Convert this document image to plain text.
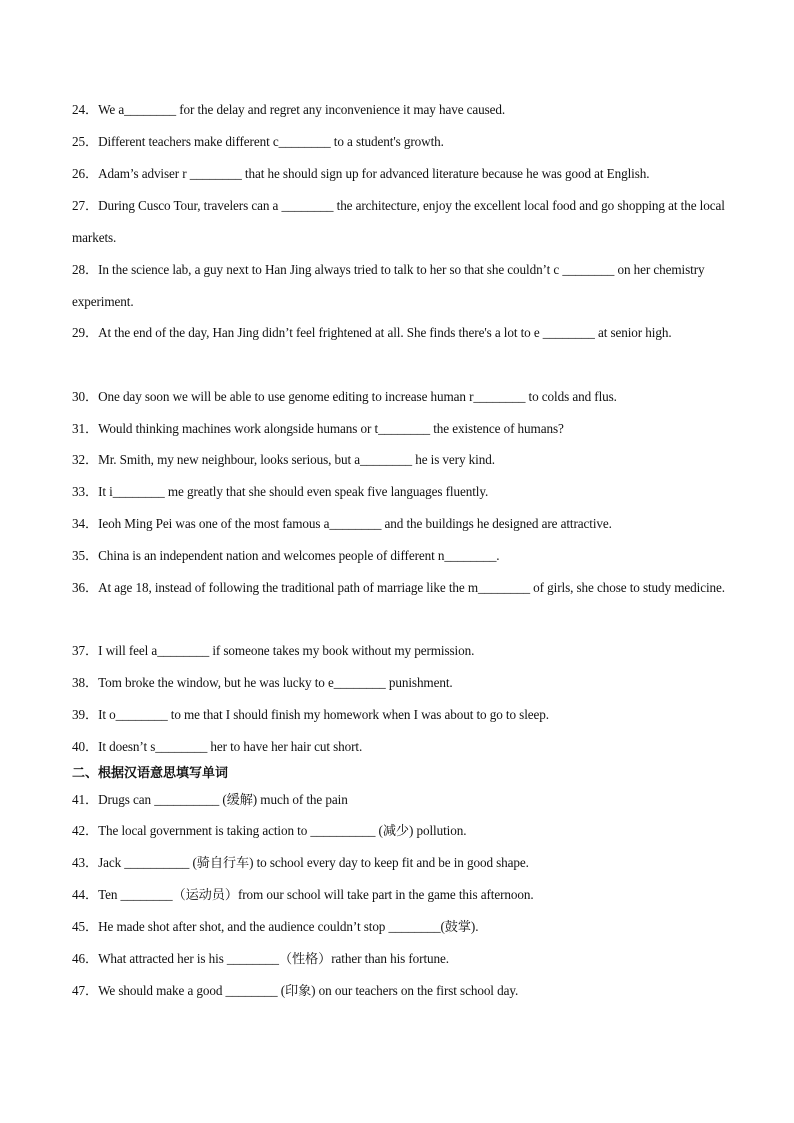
24．We a________ for the delay and regret any inconvenience it may have caused.
25．Different teachers make different c________ to a student's growth.
26．Adam’s adviser r ________ that he should sign up for advanced literature because he was good at English.
27．During Cusco Tour, travelers can a ________ the architecture, enjoy the excellent local food and go shopping at the local markets.
28．In the science lab, a guy next to Han Jing always tried to talk to her so that she couldn’t c ________ on her chemistry experiment.
29．At the end of the day, Han Jing didn’t feel frightened at all. She finds there's a lot to e ________ at senior high.
30．One day soon we will be able to use genome editing to increase human r________ to colds and flus.
31．Would thinking machines work alongside humans or t________ the existence of humans?
32．Mr. Smith, my new neighbour, looks serious, but a________ he is very kind.
33．It i________ me greatly that she should even speak five languages fluently.
34．Ieoh Ming Pei was one of the most famous a________ and the buildings he designed are attractive.
35．China is an independent nation and welcomes people of different n________.
36．At age 18, instead of following the traditional path of marriage like the m________ of girls, she chose to study medicine.
37．I will feel a________ if someone takes my book without my permission.
38．Tom broke the window, but he was lucky to e________ punishment.
39．It o________ to me that I should finish my homework when I was about to go to sleep.
40．It doesn’t s________ her to have her hair cut short.
二、根据汉语意思填写单词
41．Drugs can __________ (缓解) much of the pain
42．The local government is taking action to __________ (减少) pollution.
43．Jack __________ (骑自行车) to school every day to keep fit and be in good shape.
44．Ten ________（运动员）from our school will take part in the game this afternoon.
45．He made shot after shot, and the audience couldn’t stop ________(鼓掌).
46．What attracted her is his ________（性格）rather than his fortune.
47．We should make a good ________ (印象) on our teachers on the first school day.
